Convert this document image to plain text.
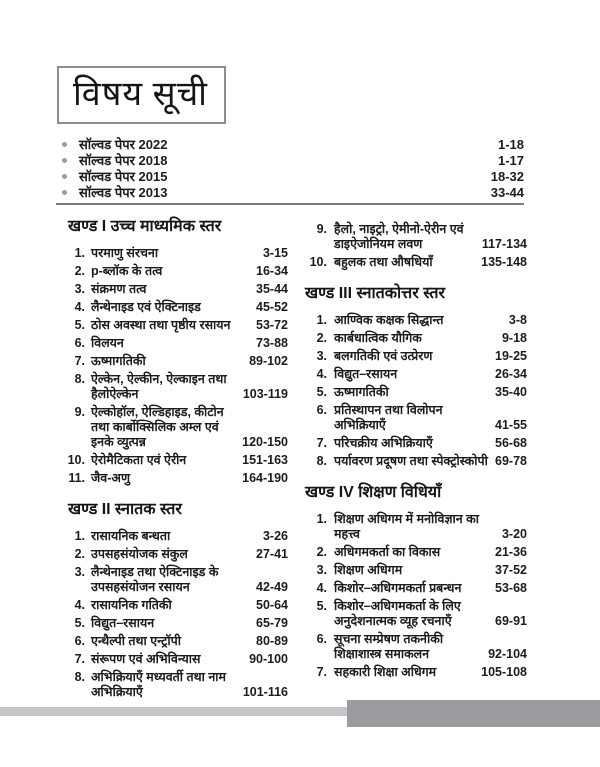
विषय सूची
सॉल्वड पेपर 2022	1-18
सॉल्वड पेपर 2018	1-17
सॉल्वड पेपर 2015	18-32
सॉल्वड पेपर 2013	33-44
खण्ड I उच्च माध्यमिक स्तर
1. परमाणु संरचना	3-15
2. p-ब्लॉक के तत्व	16-34
3. संक्रमण तत्व	35-44
4. लैन्थेनाइड एवं ऐक्टिनाइड	45-52
5. ठोस अवस्था तथा पृष्ठीय रसायन	53-72
6. विलयन	73-88
7. ऊष्मागतिकी	89-102
8. ऐल्केन, ऐल्कीन, ऐल्काइन तथा हैलोऐल्केन	103-119
9. ऐल्कोहॉल, ऐल्डिहाइड, कीटोन तथा कार्बोक्सिलिक अम्ल एवं इनके व्युत्पन्न	120-150
10. ऐरोमैटिकता एवं ऐरीन	151-163
11. जैव-अणु	164-190
खण्ड II स्नातक स्तर
1. रासायनिक बन्धता	3-26
2. उपसहसंयोजक संकुल	27-41
3. लैन्थेनाइड तथा ऐक्टिनाइड के उपसहसंयोजन रसायन	42-49
4. रासायनिक गतिकी	50-64
5. विद्युत–रसायन	65-79
6. एन्थैल्पी तथा एन्ट्रॉपी	80-89
7. संरूपण एवं अभिविन्यास	90-100
8. अभिक्रियाएँ मध्यवर्ती तथा नाम अभिक्रियाएँ	101-116
9. हैलो, नाइट्रो, ऐमीनो-ऐरीन एवं डाइऐजोनियम लवण	117-134
10. बहुलक तथा औषधियाँ	135-148
खण्ड III स्नातकोत्तर स्तर
1. आण्विक कक्षक सिद्धान्त	3-8
2. कार्बधात्विक यौगिक	9-18
3. बलगतिकी एवं उत्प्रेरण	19-25
4. विद्युत–रसायन	26-34
5. ऊष्मागतिकी	35-40
6. प्रतिस्थापन तथा विलोपन अभिक्रियाएँ	41-55
7. परिचक्रीय अभिक्रियाएँ	56-68
8. पर्यावरण प्रदूषण तथा स्पेक्ट्रोस्कोपी 69-78
खण्ड IV शिक्षण विधियाँ
1. शिक्षण अधिगम में मनोविज्ञान का महत्त्व	3-20
2. अधिगमकर्ता का विकास	21-36
3. शिक्षण अधिगम	37-52
4. किशोर–अधिगमकर्ता प्रबन्धन	53-68
5. किशोर–अधिगमकर्ता के लिए अनुदेशनात्मक व्यूह रचनाएँ	69-91
6. सूचना सम्प्रेषण तकनीकी शिक्षाशास्त्र समाकलन	92-104
7. सहकारी शिक्षा अधिगम	105-108
